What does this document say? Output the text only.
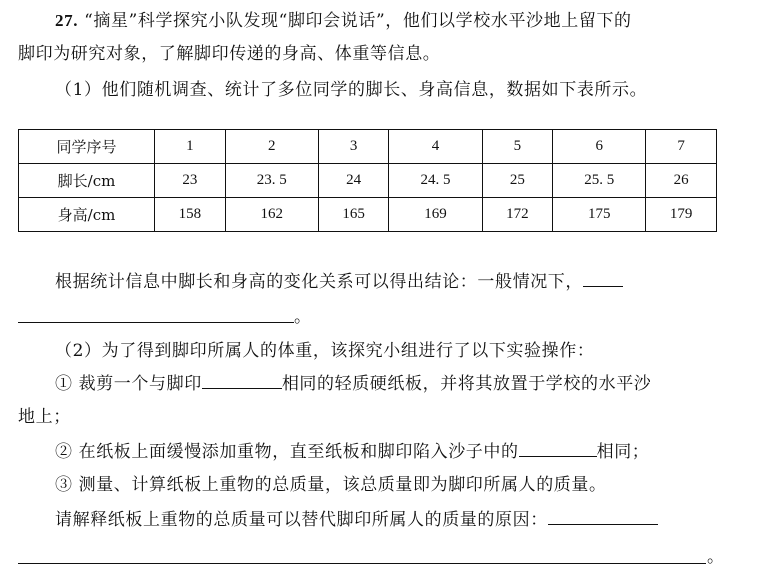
27. “摘星”科学探究小队发现“脚印会说话”，他们以学校水平沙地上留下的
脚印为研究对象，了解脚印传递的身高、体重等信息。
（1）他们随机调查、统计了多位同学的脚长、身高信息，数据如下表所示。
同学序号	1	2	3	4	5	6	7
脚长/cm	23	23. 5	24	24. 5	25	25. 5	26
身高/cm	158	162	165	169	172	175	179
根据统计信息中脚长和身高的变化关系可以得出结论：一般情况下，
。
（2）为了得到脚印所属人的体重，该探究小组进行了以下实验操作：
① 裁剪一个与脚印	相同的轻质硬纸板，并将其放置于学校的水平沙
地上；
② 在纸板上面缓慢添加重物，直至纸板和脚印陷入沙子中的	相同；
③ 测量、计算纸板上重物的总质量，该总质量即为脚印所属人的质量。
请解释纸板上重物的总质量可以替代脚印所属人的质量的原因：
。
